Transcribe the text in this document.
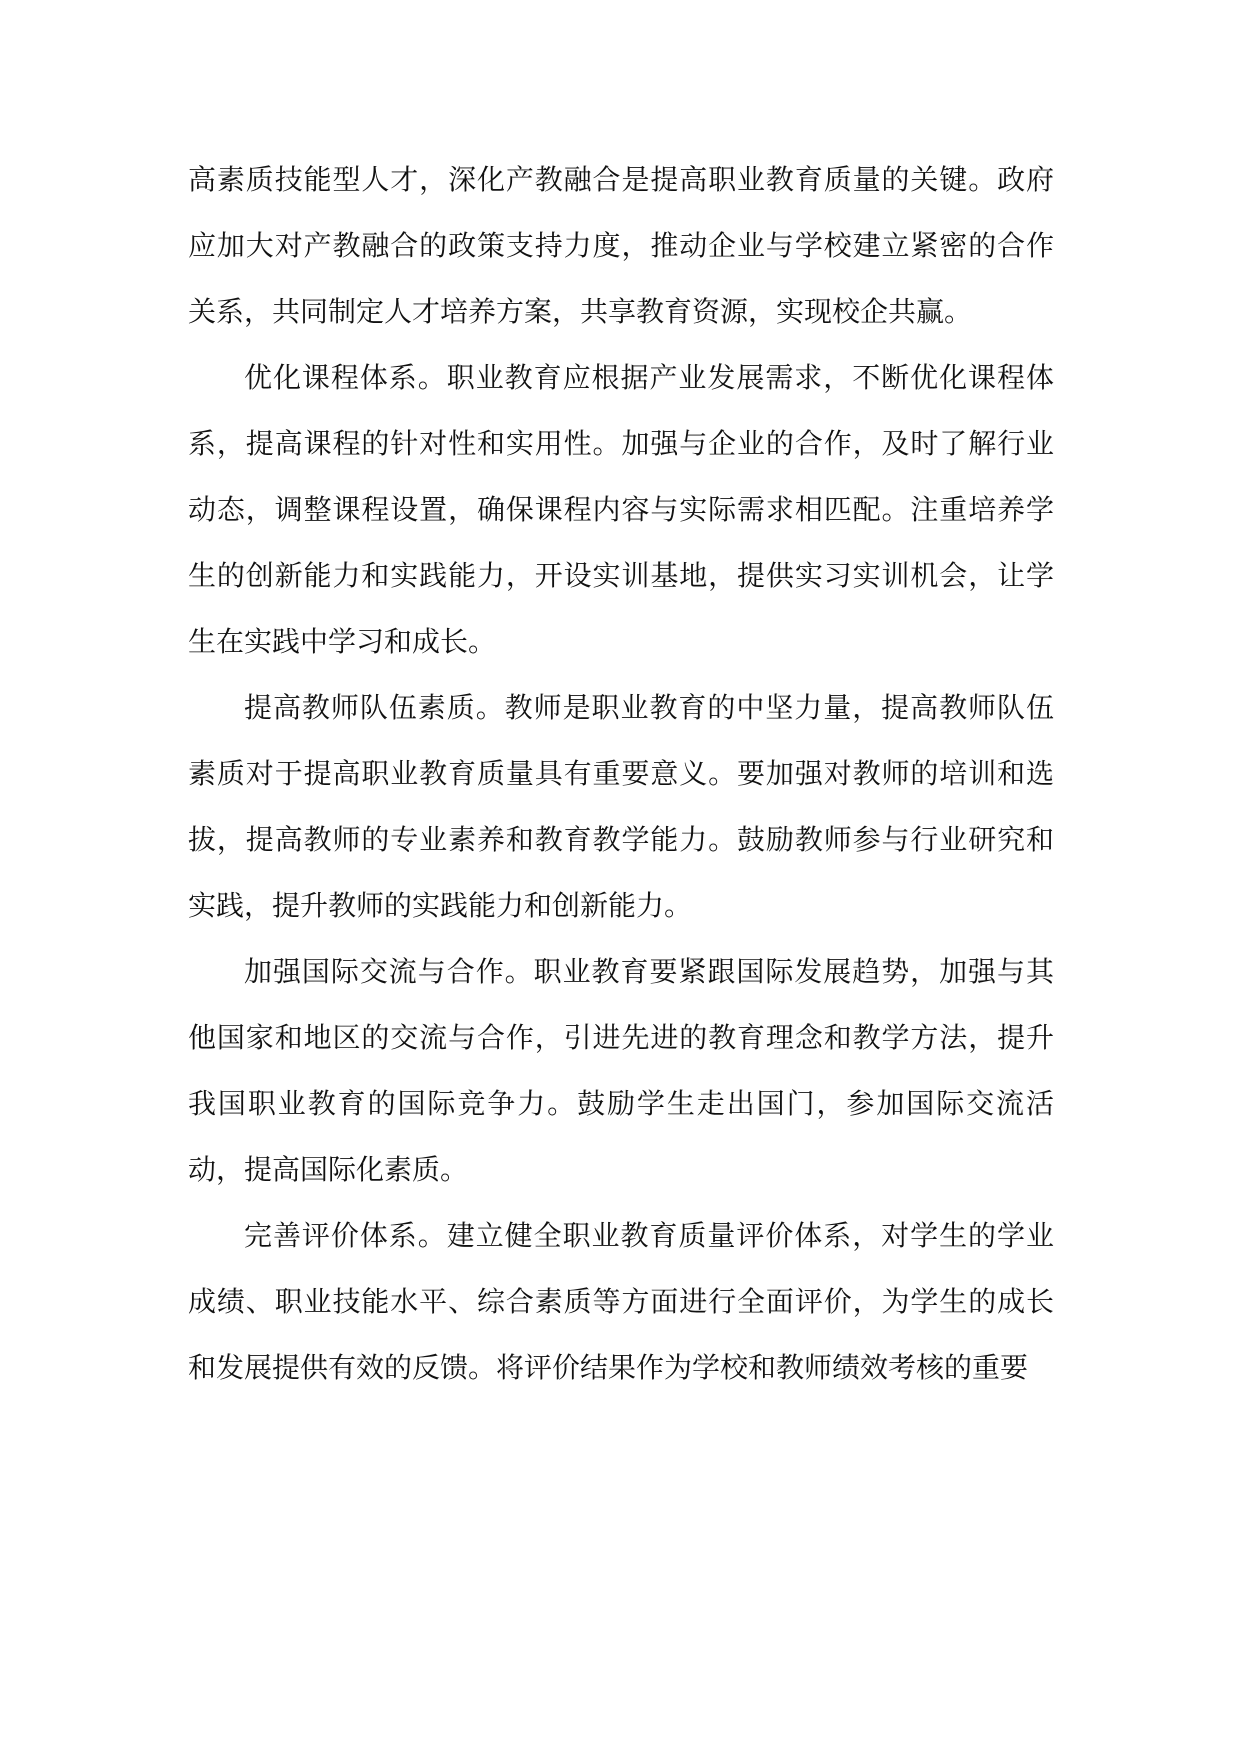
高素质技能型人才，深化产教融合是提高职业教育质量的关键。政府应加大对产教融合的政策支持力度，推动企业与学校建立紧密的合作关系，共同制定人才培养方案，共享教育资源，实现校企共赢。

优化课程体系。职业教育应根据产业发展需求，不断优化课程体系，提高课程的针对性和实用性。加强与企业的合作，及时了解行业动态，调整课程设置，确保课程内容与实际需求相匹配。注重培养学生的创新能力和实践能力，开设实训基地，提供实习实训机会，让学生在实践中学习和成长。

提高教师队伍素质。教师是职业教育的中坚力量，提高教师队伍素质对于提高职业教育质量具有重要意义。要加强对教师的培训和选拔，提高教师的专业素养和教育教学能力。鼓励教师参与行业研究和实践，提升教师的实践能力和创新能力。

加强国际交流与合作。职业教育要紧跟国际发展趋势，加强与其他国家和地区的交流与合作，引进先进的教育理念和教学方法，提升我国职业教育的国际竞争力。鼓励学生走出国门，参加国际交流活动，提高国际化素质。

完善评价体系。建立健全职业教育质量评价体系，对学生的学业成绩、职业技能水平、综合素质等方面进行全面评价，为学生的成长和发展提供有效的反馈。将评价结果作为学校和教师绩效考核的重要
